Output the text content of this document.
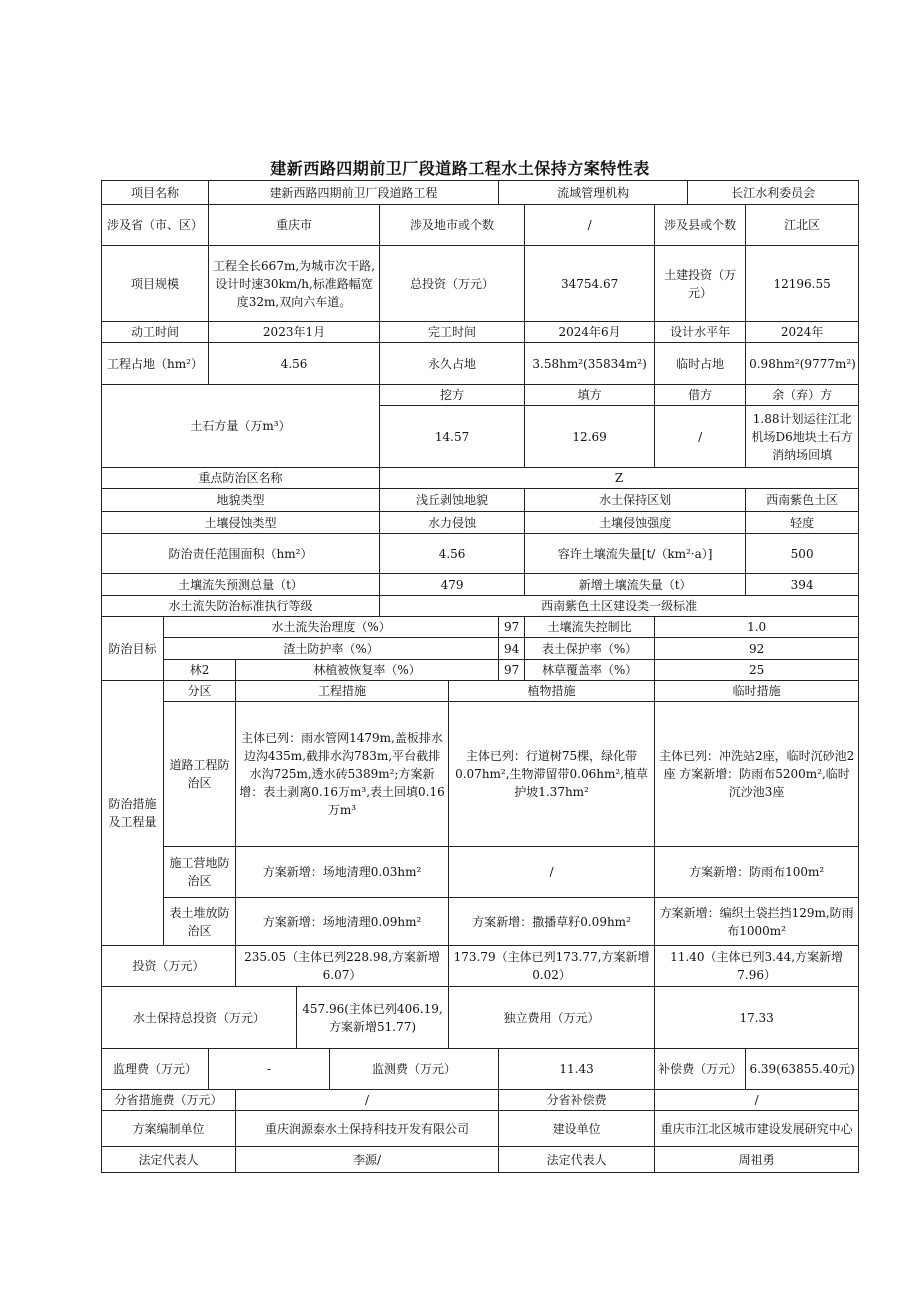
建新西路四期前卫厂段道路工程水土保持方案特性表
项目名称		建新西路四期前卫厂段道路工程						流域管理机构			长江水利委员会	
涉及省（市、区）		重庆市				涉及地市或个数			/	涉及县或个数		江北区
项目规模		工程全长667m,为城市次干路,设计时速30km/h,标准路幅宽度32m,双向六车道。				总投资（万元）			34754.67	土建投资（万元）		12196.55
动工时间		2023年1月				完工时间			2024年6月	设计水平年		2024年
工程占地（hm²）		4.56				永久占地			3.58hm²(35834m²)	临时占地		0.98hm²(9777m²)
土石方量（万m³）						挖方			填方	借方		余（弃）方
						14.57			12.69	/		1.88计划运往江北机场D6地块土石方消纳场回填
重点防治区名称						Z						
地貌类型						浅丘剥蚀地貌			水土保持区划			西南紫色土区
土壤侵蚀类型						水力侵蚀			土壤侵蚀强度			轻度
防治责任范围面积（hm²）						4.56			容许土壤流失量[t/（km²·a）]			500
土壤流失预测总量（t）						479			新增土壤流失量（t）			394
水土流失防治标准执行等级						西南紫色土区建设类一级标准						
防治目标	水土流失治理度（%）							97	土壤流失控制比	1.0		
	渣土防护率（%）							94	表土保护率（%）	92		
	林2		林植被恢复率（%）					97	林草覆盖率（%）	25		
防治措施及工程量	分区		工程措施				植物措施			临时措施		
	道路工程防治区		主体已列：雨水管网1479m,盖板排水边沟435m,截排水沟783m,平台截排水沟725m,透水砖5389m²;方案新增：表土剥离0.16万m³,表土回填0.16万m³				主体已列：行道树75棵，绿化带0.07hm²,生物滞留带0.06hm²,植草护坡1.37hm²			主体已列：冲洗站2座，临时沉砂池2座 方案新增：防雨布5200m²,临时沉沙池3座		
	施工营地防治区		方案新增：场地清理0.03hm²				/			方案新增：防雨布100m²		
	表土堆放防治区		方案新增：场地清理0.09hm²				方案新增：撒播草籽0.09hm²			方案新增：编织土袋拦挡129m,防雨布1000m²		
投资（万元）			235.05（主体已列228.98,方案新增6.07）				173.79（主体已列173.77,方案新增0.02）			11.40（主体已列3.44,方案新增7.96）		
水土保持总投资（万元）				457.96(主体已列406.19,方案新增51.77)			独立费用（万元）			17.33		
监理费（万元）		-			监测费（万元）			11.43		补偿费（万元）		6.39(63855.40元)
分省措施费（万元）			/					分省补偿费		/		
方案编制单位			重庆润源泰水土保持科技开发有限公司					建设单位		重庆市江北区城市建设发展研究中心		
法定代表人			李源/					法定代表人		周祖勇		
